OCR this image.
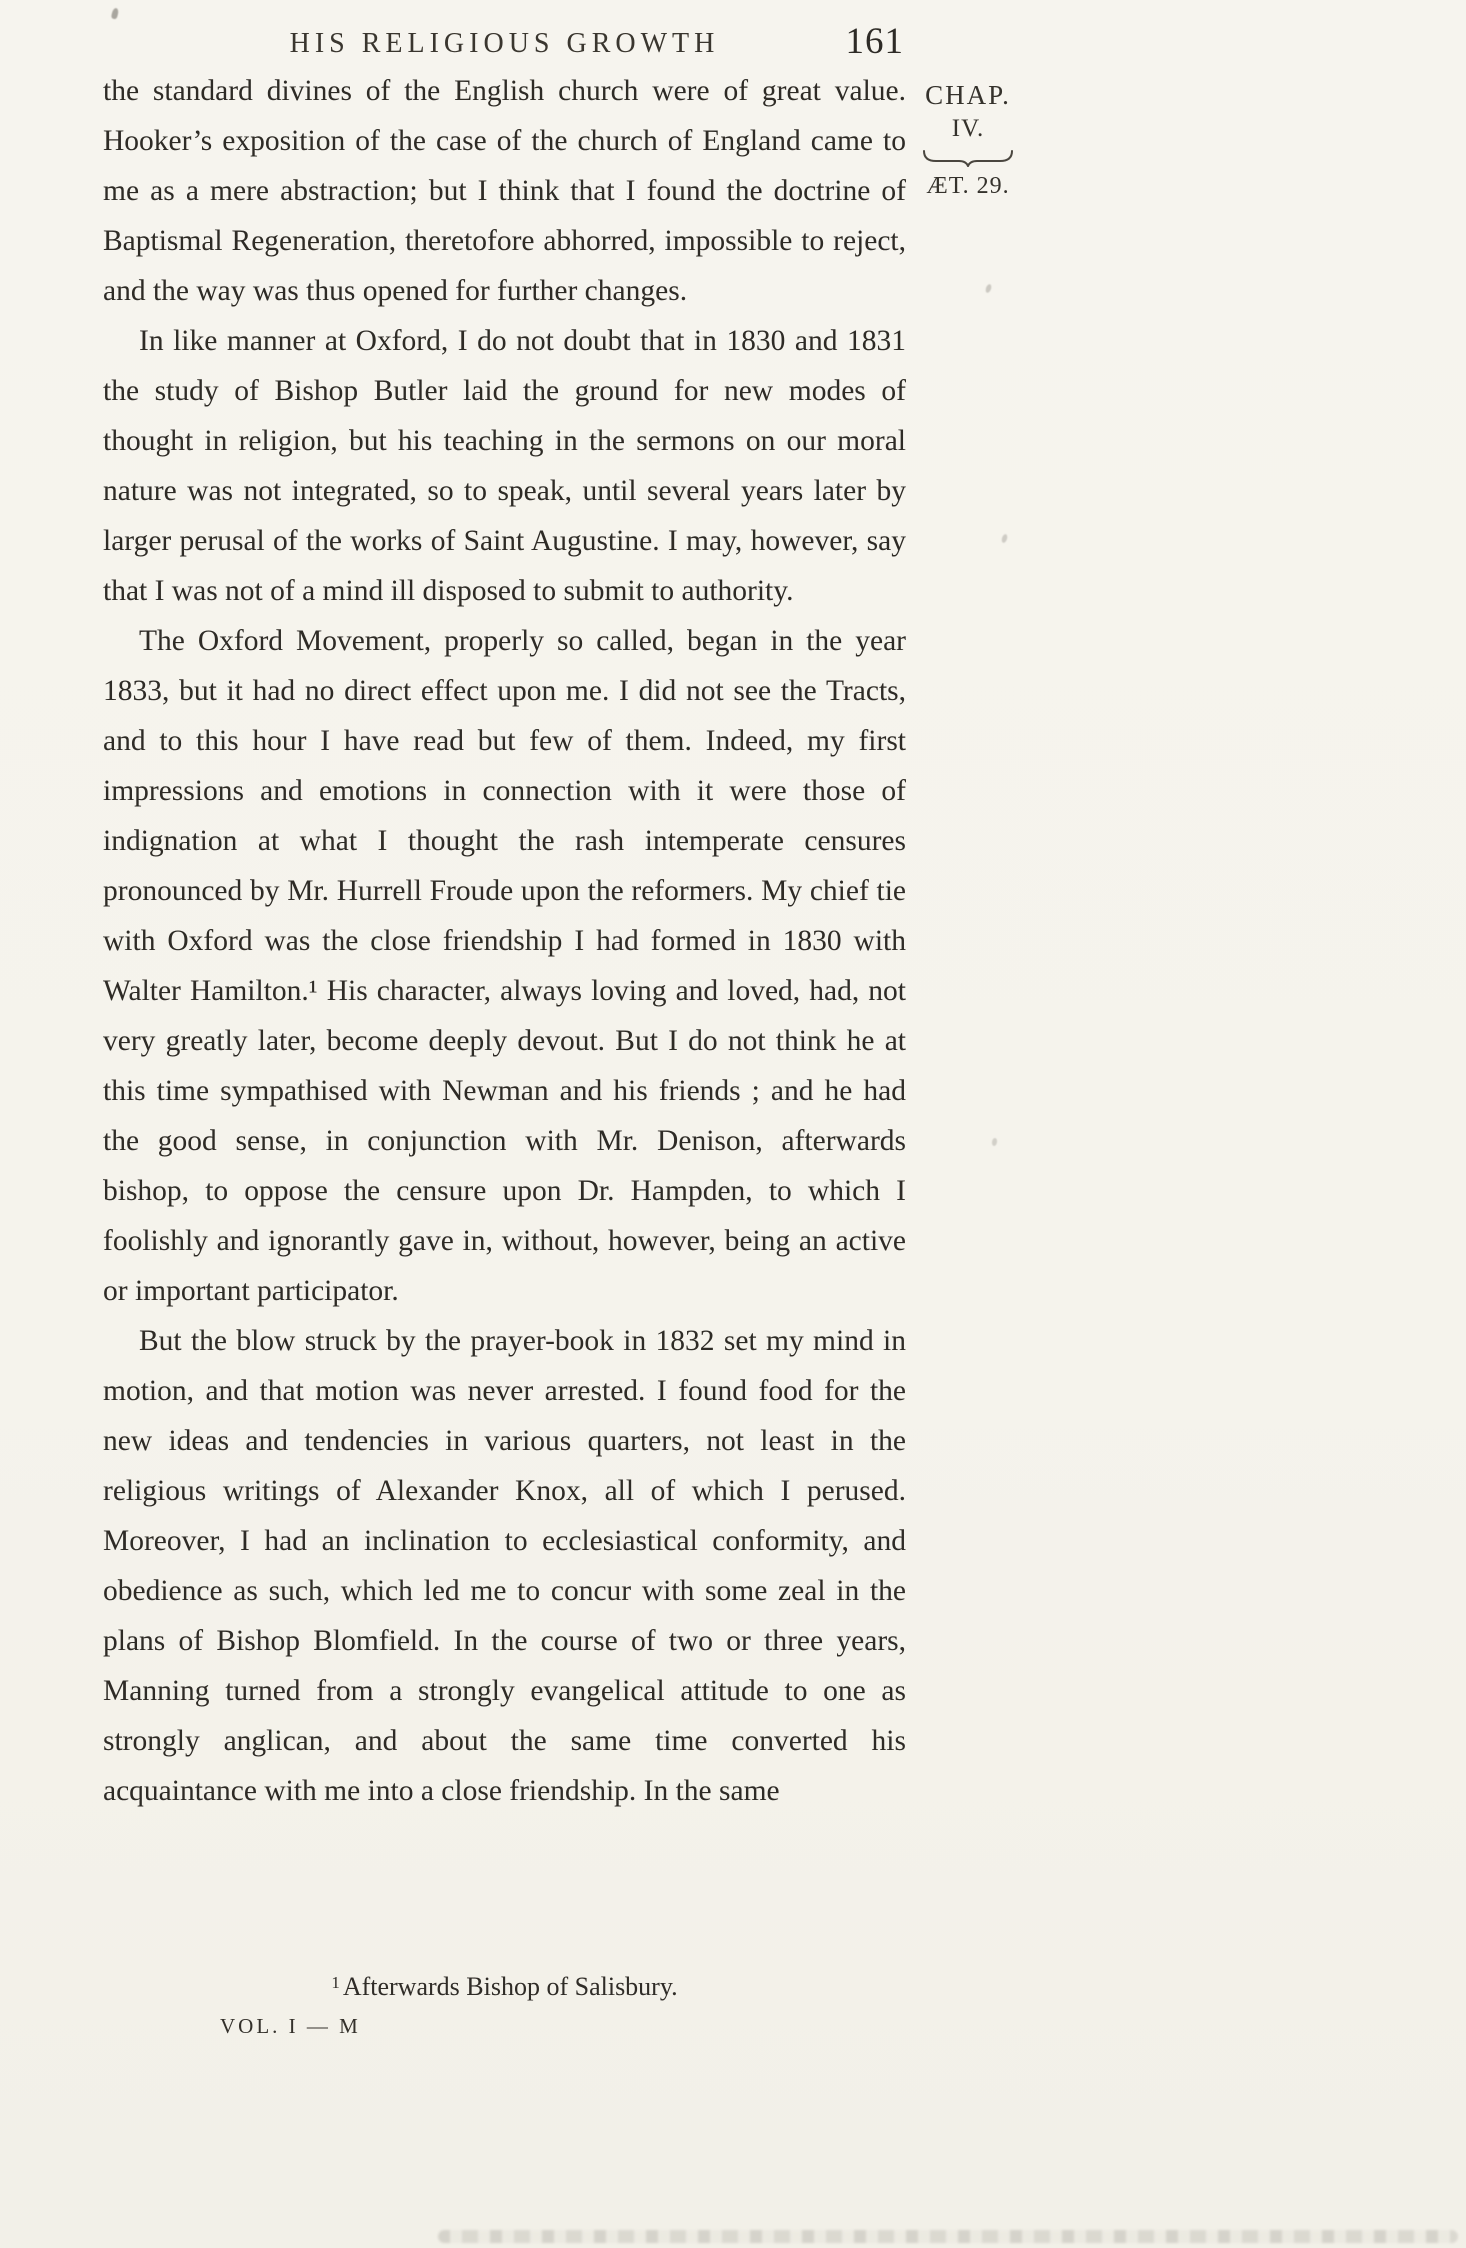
HIS RELIGIOUS GROWTH	161

the standard divines of the English church were of great value. Hooker’s exposition of the case of the church of England came to me as a mere abstraction; but I think that I found the doctrine of Baptismal Regeneration, theretofore abhorred, impossible to reject, and the way was thus opened for further changes.

In like manner at Oxford, I do not doubt that in 1830 and 1831 the study of Bishop Butler laid the ground for new modes of thought in religion, but his teaching in the sermons on our moral nature was not integrated, so to speak, until several years later by larger perusal of the works of Saint Augustine. I may, however, say that I was not of a mind ill disposed to submit to authority.

The Oxford Movement, properly so called, began in the year 1833, but it had no direct effect upon me. I did not see the Tracts, and to this hour I have read but few of them. Indeed, my first impressions and emotions in connection with it were those of indignation at what I thought the rash intemperate censures pronounced by Mr. Hurrell Froude upon the reformers. My chief tie with Oxford was the close friendship I had formed in 1830 with Walter Hamilton.¹ His character, always loving and loved, had, not very greatly later, become deeply devout. But I do not think he at this time sympathised with Newman and his friends ; and he had the good sense, in conjunction with Mr. Denison, afterwards bishop, to oppose the censure upon Dr. Hampden, to which I foolishly and ignorantly gave in, without, however, being an active or important participator.

But the blow struck by the prayer-book in 1832 set my mind in motion, and that motion was never arrested. I found food for the new ideas and tendencies in various quarters, not least in the religious writings of Alexander Knox, all of which I perused. Moreover, I had an inclination to ecclesiastical conformity, and obedience as such, which led me to concur with some zeal in the plans of Bishop Blomfield. In the course of two or three years, Manning turned from a strongly evangelical attitude to one as strongly anglican, and about the same time converted his acquaintance with me into a close friendship. In the same

CHAP.
IV.
ÆT. 29.
$^1$ Afterwards Bishop of Salisbury.
VOL. I — M
